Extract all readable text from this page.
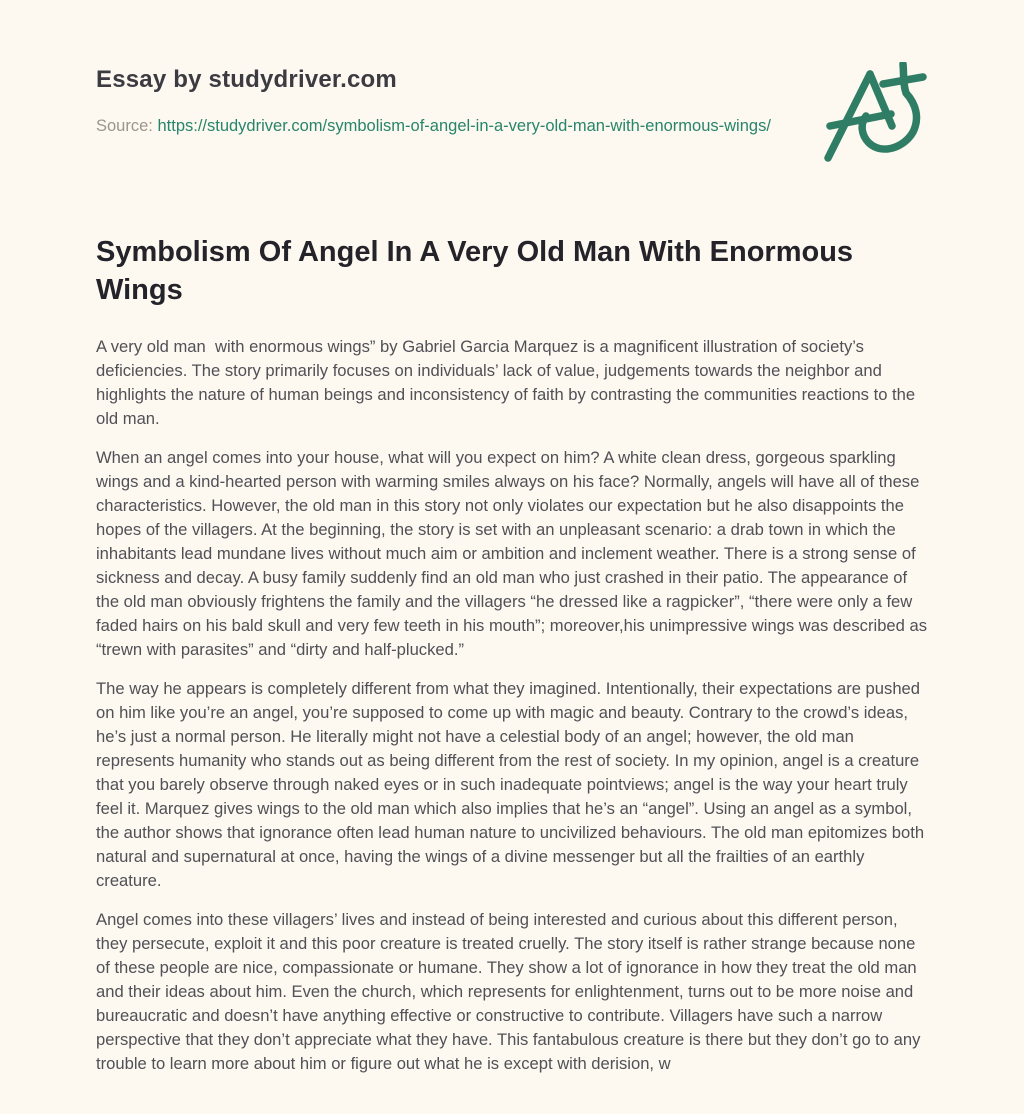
Essay by studydriver.com

Source: https://studydriver.com/symbolism-of-angel-in-a-very-old-man-with-enormous-wings/

Symbolism Of Angel In A Very Old Man With Enormous Wings

A very old man  with enormous wings” by Gabriel Garcia Marquez is a magnificent illustration of society’s deficiencies. The story primarily focuses on individuals’ lack of value, judgements towards the neighbor and highlights the nature of human beings and inconsistency of faith by contrasting the communities reactions to the old man.

When an angel comes into your house, what will you expect on him? A white clean dress, gorgeous sparkling wings and a kind-hearted person with warming smiles always on his face? Normally, angels will have all of these characteristics. However, the old man in this story not only violates our expectation but he also disappoints the hopes of the villagers. At the beginning, the story is set with an unpleasant scenario: a drab town in which the inhabitants lead mundane lives without much aim or ambition and inclement weather. There is a strong sense of sickness and decay. A busy family suddenly find an old man who just crashed in their patio. The appearance of the old man obviously frightens the family and the villagers “he dressed like a ragpicker”, “there were only a few faded hairs on his bald skull and very few teeth in his mouth”; moreover,his unimpressive wings was described as “trewn with parasites” and “dirty and half-plucked.”

The way he appears is completely different from what they imagined. Intentionally, their expectations are pushed on him like you’re an angel, you’re supposed to come up with magic and beauty. Contrary to the crowd’s ideas, he’s just a normal person. He literally might not have a celestial body of an angel; however, the old man represents humanity who stands out as being different from the rest of society. In my opinion, angel is a creature that you barely observe through naked eyes or in such inadequate pointviews; angel is the way your heart truly feel it. Marquez gives wings to the old man which also implies that he’s an “angel”. Using an angel as a symbol, the author shows that ignorance often lead human nature to uncivilized behaviours. The old man epitomizes both natural and supernatural at once, having the wings of a divine messenger but all the frailties of an earthly creature.

Angel comes into these villagers’ lives and instead of being interested and curious about this different person, they persecute, exploit it and this poor creature is treated cruelly. The story itself is rather strange because none of these people are nice, compassionate or humane. They show a lot of ignorance in how they treat the old man and their ideas about him. Even the church, which represents for enlightenment, turns out to be more noise and bureaucratic and doesn’t have anything effective or constructive to contribute. Villagers have such a narrow perspective that they don’t appreciate what they have. This fantabulous creature is there but they don’t go to any trouble to learn more about him or figure out what he is except with derision, w
